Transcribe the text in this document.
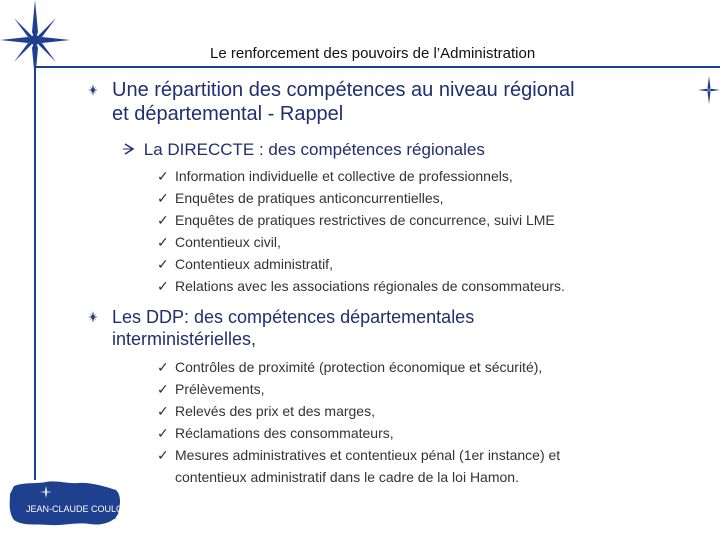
Le renforcement des pouvoirs de l’Administration
Une répartition des compétences au niveau régional
et départemental - Rappel
La DIRECCTE : des compétences régionales
✓ Information individuelle et collective de professionnels,
✓ Enquêtes de pratiques anticoncurrentielles,
✓ Enquêtes de pratiques restrictives de concurrence, suivi LME
✓ Contentieux civil,
✓ Contentieux administratif,
✓ Relations avec les associations régionales de consommateurs.
Les DDP: des compétences départementales
interministérielles,
✓ Contrôles de proximité (protection économique et sécurité),
✓ Prélèvements,
✓ Relevés des prix et des marges,
✓ Réclamations des consommateurs,
✓ Mesures administratives et contentieux pénal (1er instance) et
contentieux administratif dans le cadre de la loi Hamon.
JEAN-CLAUDE COULON
et associés
